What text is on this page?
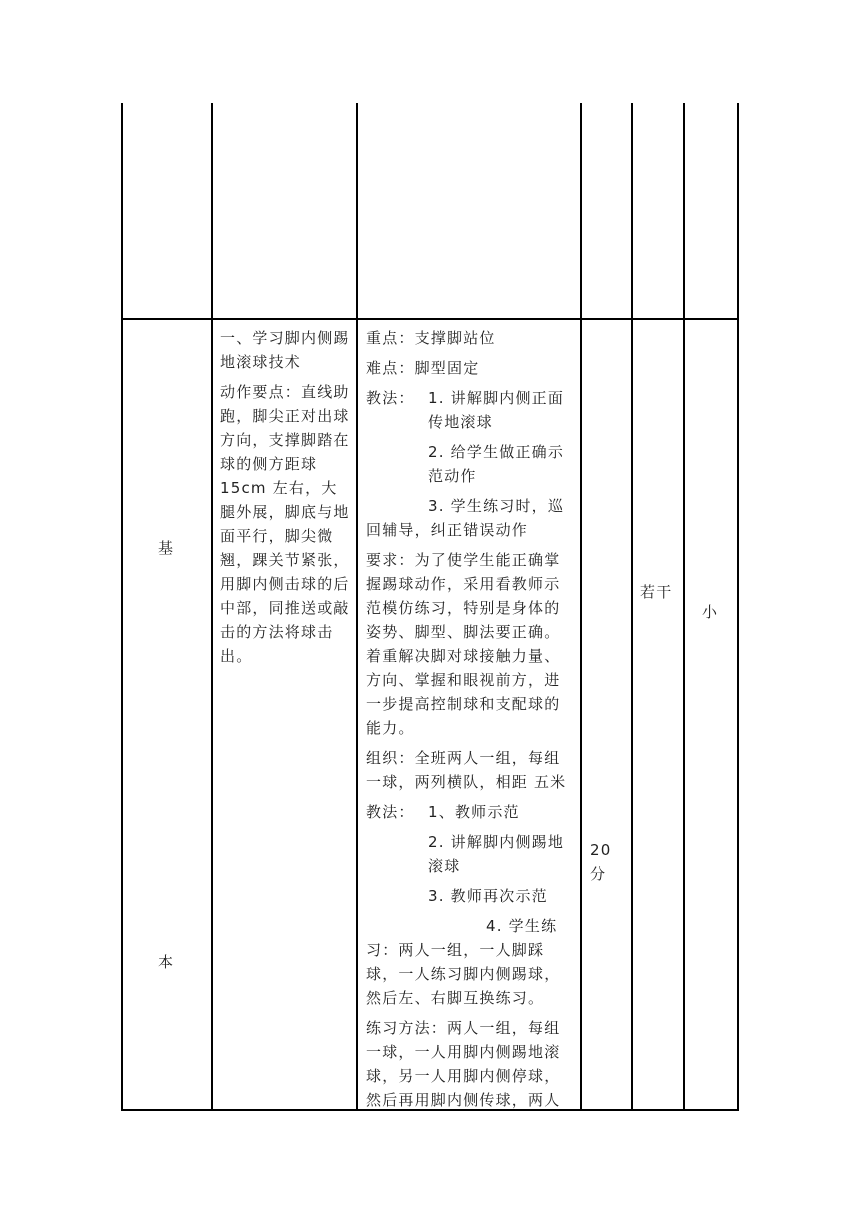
基
本

一、学习脚内侧踢地滚球技术

动作要点：直线助跑，脚尖正对出球方向，支撑脚踏在球的侧方距球 15cm 左右，大腿外展，脚底与地面平行，脚尖微翘，踝关节紧张，用脚内侧击球的后中部，同推送或敲击的方法将球击出。

重点：支撑脚站位

难点：脚型固定

教法： 1. 讲解脚内侧正面传地滚球

2. 给学生做正确示范动作

3. 学生练习时，巡回辅导，纠正错误动作

要求：为了使学生能正确掌握踢球动作，采用看教师示范模仿练习，特别是身体的姿势、脚型、脚法要正确。着重解决脚对球接触力量、方向、掌握和眼视前方，进一步提高控制球和支配球的能力。

组织：全班两人一组，每组一球，两列横队，相距 五米

教法： 1、教师示范

2. 讲解脚内侧踢地滚球

3. 教师再次示范

4. 学生练习：两人一组，一人脚踩球，一人练习脚内侧踢球，然后左、右脚互换练习。

练习方法：两人一组，每组一球，一人用脚内侧踢地滚球，另一人用脚内侧停球，然后再用脚内侧传球，两人

20分
若干
小
